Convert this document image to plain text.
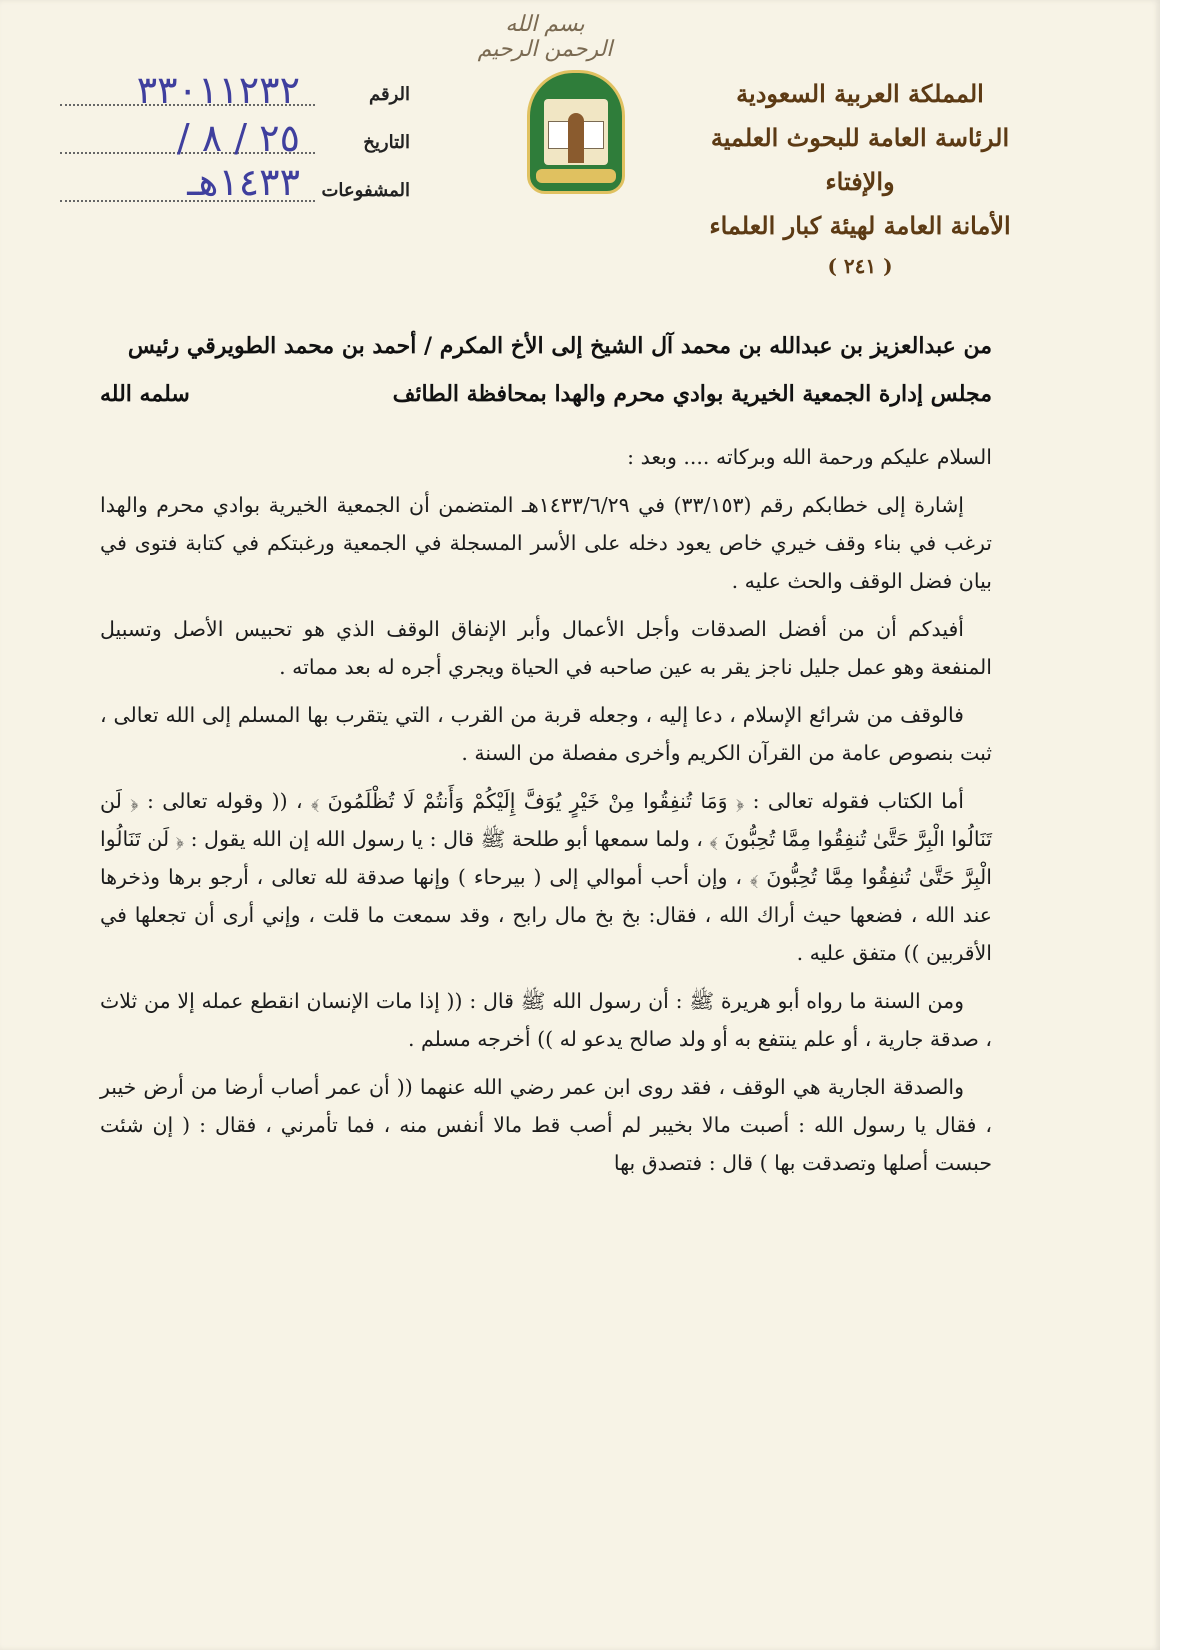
بسم الله الرحمن الرحيم
المملكة العربية السعودية
الرئاسة العامة للبحوث العلمية والإفتاء
الأمانة العامة لهيئة كبار العلماء
( ٢٤١ )
الرقم
٣٣٠١١٢٣٢
التاريخ
٢٥ / ٨ / ١٤٣٣هـ المشفوعات
من عبدالعزيز بن عبدالله بن محمد آل الشيخ إلى الأخ المكرم / أحمد بن محمد الطويرقي رئيس
مجلس إدارة الجمعية الخيرية بوادي محرم والهدا بمحافظة الطائف
سلمه الله

السلام عليكم ورحمة الله وبركاته .... وبعد :

إشارة إلى خطابكم رقم (٣٣/١٥٣) في ١٤٣٣/٦/٢٩هـ المتضمن أن الجمعية الخيرية بوادي محرم والهدا ترغب في بناء وقف خيري خاص يعود دخله على الأسر المسجلة في الجمعية ورغبتكم في كتابة فتوى في بيان فضل الوقف والحث عليه .

أفيدكم أن من أفضل الصدقات وأجل الأعمال وأبر الإنفاق الوقف الذي هو تحبيس الأصل وتسبيل المنفعة وهو عمل جليل ناجز يقر به عين صاحبه في الحياة ويجري أجره له بعد مماته .

فالوقف من شرائع الإسلام ، دعا إليه ، وجعله قربة من القرب ، التي يتقرب بها المسلم إلى الله تعالى ، ثبت بنصوص عامة من القرآن الكريم وأخرى مفصلة من السنة .

أما الكتاب فقوله تعالى : ﴿ وَمَا تُنفِقُوا مِنْ خَيْرٍ يُوَفَّ إِلَيْكُمْ وَأَنتُمْ لَا تُظْلَمُونَ ﴾ ، (( وقوله تعالى : ﴿ لَن تَنَالُوا الْبِرَّ حَتَّىٰ تُنفِقُوا مِمَّا تُحِبُّونَ ﴾ ، ولما سمعها أبو طلحة ﷺ قال : يا رسول الله إن الله يقول : ﴿ لَن تَنَالُوا الْبِرَّ حَتَّىٰ تُنفِقُوا مِمَّا تُحِبُّونَ ﴾ ، وإن أحب أموالي إلى ( بيرحاء ) وإنها صدقة لله تعالى ، أرجو برها وذخرها عند الله ، فضعها حيث أراك الله ، فقال: بخ بخ مال رابح ، وقد سمعت ما قلت ، وإني أرى أن تجعلها في الأقربين )) متفق عليه .

ومن السنة ما رواه أبو هريرة ﷺ : أن رسول الله ﷺ قال : (( إذا مات الإنسان انقطع عمله إلا من ثلاث ، صدقة جارية ، أو علم ينتفع به أو ولد صالح يدعو له )) أخرجه مسلم .

والصدقة الجارية هي الوقف ، فقد روى ابن عمر رضي الله عنهما (( أن عمر أصاب أرضا من أرض خيبر ، فقال يا رسول الله : أصبت مالا بخيبر لم أصب قط مالا أنفس منه ، فما تأمرني ، فقال : ( إن شئت حبست أصلها وتصدقت بها ) قال : فتصدق بها
